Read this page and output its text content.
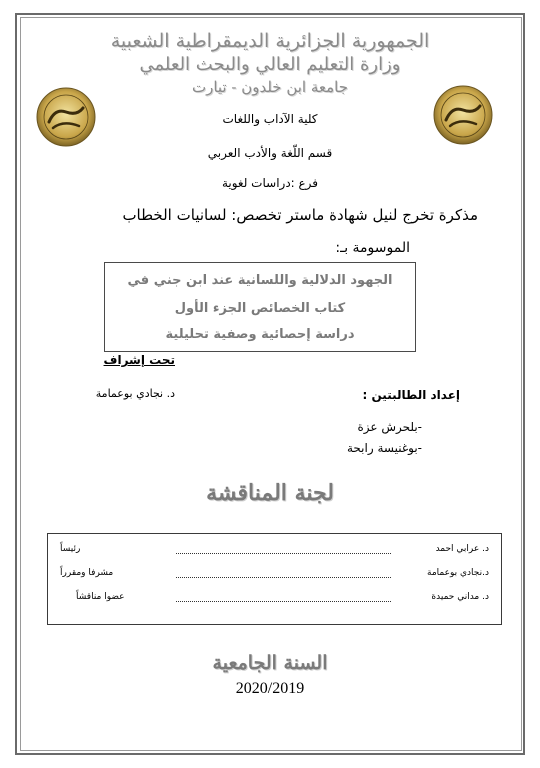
الجمهورية الجزائرية الديمقراطية الشعبية
وزارة التعليم العالي والبحث العلمي
جامعة ابن خلدون - تيارت
كلية الآداب واللغات
قسم اللّغة والأدب العربي
فرع :دراسات لغوية
مذكرة تخرج لنيل شهادة ماستر تخصص: لسانيات الخطاب
الموسومة بـ:
الجهود الدلالية واللسانية عند ابن جني في
كتاب الخصائص الجزء الأول
دراسة إحصائية وصفية تحليلية
تحت إشراف
د. نجادي بوعمامة	إعداد الطالبتين :
-بلحرش عزة
-بوغنيسة رابحة
لجنة المناقشة
د. عرابي احمد
رئيساً
د.نجادي بوعمامة
مشرفا ومقرراً
د. مداني حميدة
عضوا مناقشاً
السنة الجامعية
2020/2019
